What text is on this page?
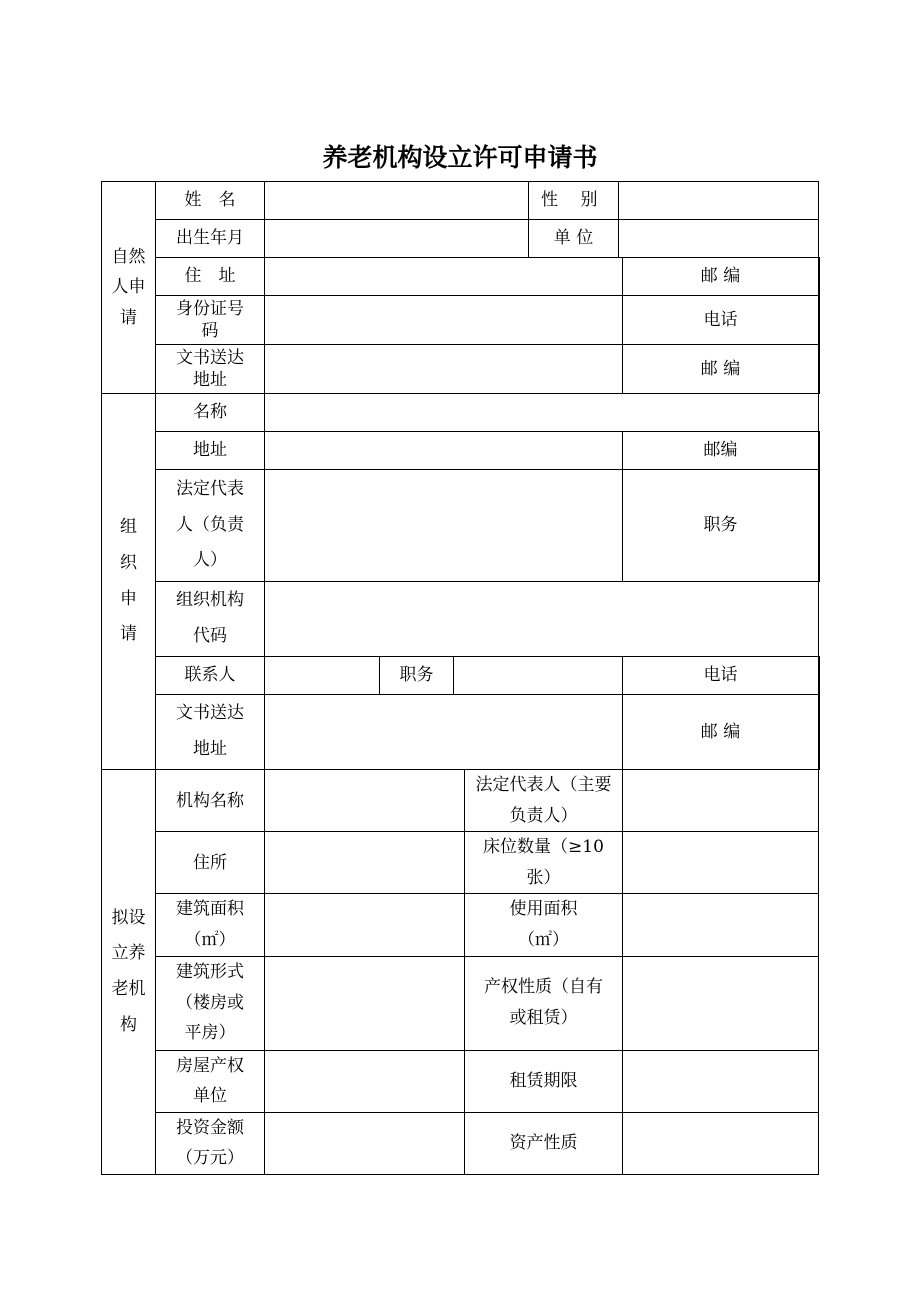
养老机构设立许可申请书
自然人申请	姓　名					性 别			
	出生年月					单 位			
	住　址							邮 编	

	身份证号码							电话	

	文书送达地址							邮 编	

组织申请	名称								
	地址							邮编	

	法定代表人（负责人）							职务	

	组织机构代码								

	联系人		职务					电话	

	文书送达地址							邮 编	

拟设立养老机构	机构名称				法定代表人（主要负责人）				

	住所				床位数量（≥10张）				

	建筑面积（㎡）				使用面积（㎡）				

	建筑形式（楼房或平房）				产权性质（自有或租赁）				

	房屋产权单位				租赁期限				

	投资金额（万元）				资产性质				
